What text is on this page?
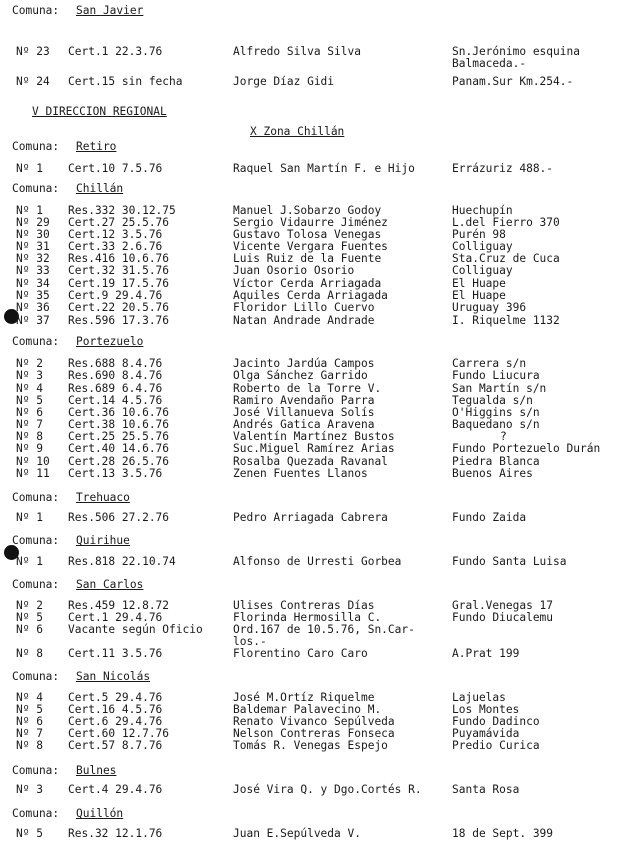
V DIRECCION REGIONAL
X Zona Chillán
Comuna: San Javier
Nº 23 Cert.1 22.3.76	Alfredo Silva Silva	Sn.Jerónimo esquina
Balmaceda.-
Nº 24 Cert.15 sin fecha	Jorge Díaz Gidi	Panam.Sur Km.254.-
Comuna: Retiro
Nº 1 Cert.10 7.5.76	Raquel San Martín F. e Hijo	Errázuriz 488.-
Comuna: Chillán
Nº 1 Res.332 30.12.75	Manuel J.Sobarzo Godoy	Huechupín
Nº 29 Cert.27 25.5.76	Sergio Vidaurre Jiménez	L.del Fierro 370
Nº 30 Cert.12 3.5.76	Gustavo Tolosa Venegas	Purén 98
Nº 31 Cert.33 2.6.76	Vicente Vergara Fuentes	Colliguay
Nº 32 Res.416 10.6.76	Luis Ruiz de la Fuente	Sta.Cruz de Cuca
Nº 33 Cert.32 31.5.76	Juan Osorio Osorio	Colliguay
Nº 34 Cert.19 17.5.76	Víctor Cerda Arriagada	El Huape
Nº 35 Cert.9 29.4.76	Aquiles Cerda Arriagada	El Huape
Nº 36 Cert.22 20.5.76	Floridor Lillo Cuervo	Uruguay 396
Nº 37 Res.596 17.3.76	Natan Andrade Andrade	I. Riquelme 1132
Comuna: Portezuelo
Nº 2 Res.688 8.4.76	Jacinto Jardúa Campos	Carrera s/n
Nº 3 Res.690 8.4.76	Olga Sánchez Garrido	Fundo Liucura
Nº 4 Res.689 6.4.76	Roberto de la Torre V.	San Martín s/n
Nº 5 Cert.14 4.5.76	Ramiro Avendaño Parra	Tegualda s/n
Nº 6 Cert.36 10.6.76	José Villanueva Solís	O'Higgins s/n
Nº 7 Cert.38 10.6.76	Andrés Gatica Aravena	Baquedano s/n
Nº 8 Cert.25 25.5.76	Valentín Martínez Bustos	?
Nº 9 Cert.40 14.6.76	Suc.Miguel Ramírez Arias	Fundo Portezuelo Durán
Nº 10 Cert.28 26.5.76	Rosalba Quezada Ravanal	Piedra Blanca
Nº 11 Cert.13 3.5.76	Zenen Fuentes Llanos	Buenos Aires
Comuna: Trehuaco
Nº 1 Res.506 27.2.76	Pedro Arriagada Cabrera	Fundo Zaida
Comuna: Quirihue
Nº 1 Res.818 22.10.74	Alfonso de Urresti Gorbea	Fundo Santa Luisa
Comuna: San Carlos
Nº 2 Res.459 12.8.72	Ulises Contreras Días	Gral.Venegas 17
Nº 5 Cert.1 29.4.76	Florinda Hermosilla C.	Fundo Diucalemu
Nº 6 Vacante según Oficio	Ord.167 de 10.5.76, Sn.Car-
los.-
Nº 8 Cert.11 3.5.76	Florentino Caro Caro	A.Prat 199
Comuna: San Nicolás
Nº 4 Cert.5 29.4.76	José M.Ortíz Riquelme	Lajuelas
Nº 5 Cert.16 4.5.76	Baldemar Palavecino M.	Los Montes
Nº 6 Cert.6 29.4.76	Renato Vivanco Sepúlveda	Fundo Dadinco
Nº 7 Cert.60 12.7.76	Nelson Contreras Fonseca	Puyamávida
Nº 8 Cert.57 8.7.76	Tomás R. Venegas Espejo	Predio Curica
Comuna: Bulnes
Nº 3 Cert.4 29.4.76	José Vira Q. y Dgo.Cortés R.	Santa Rosa
Comuna: Quillón
Nº 5 Res.32 12.1.76	Juan E.Sepúlveda V.	18 de Sept. 399
